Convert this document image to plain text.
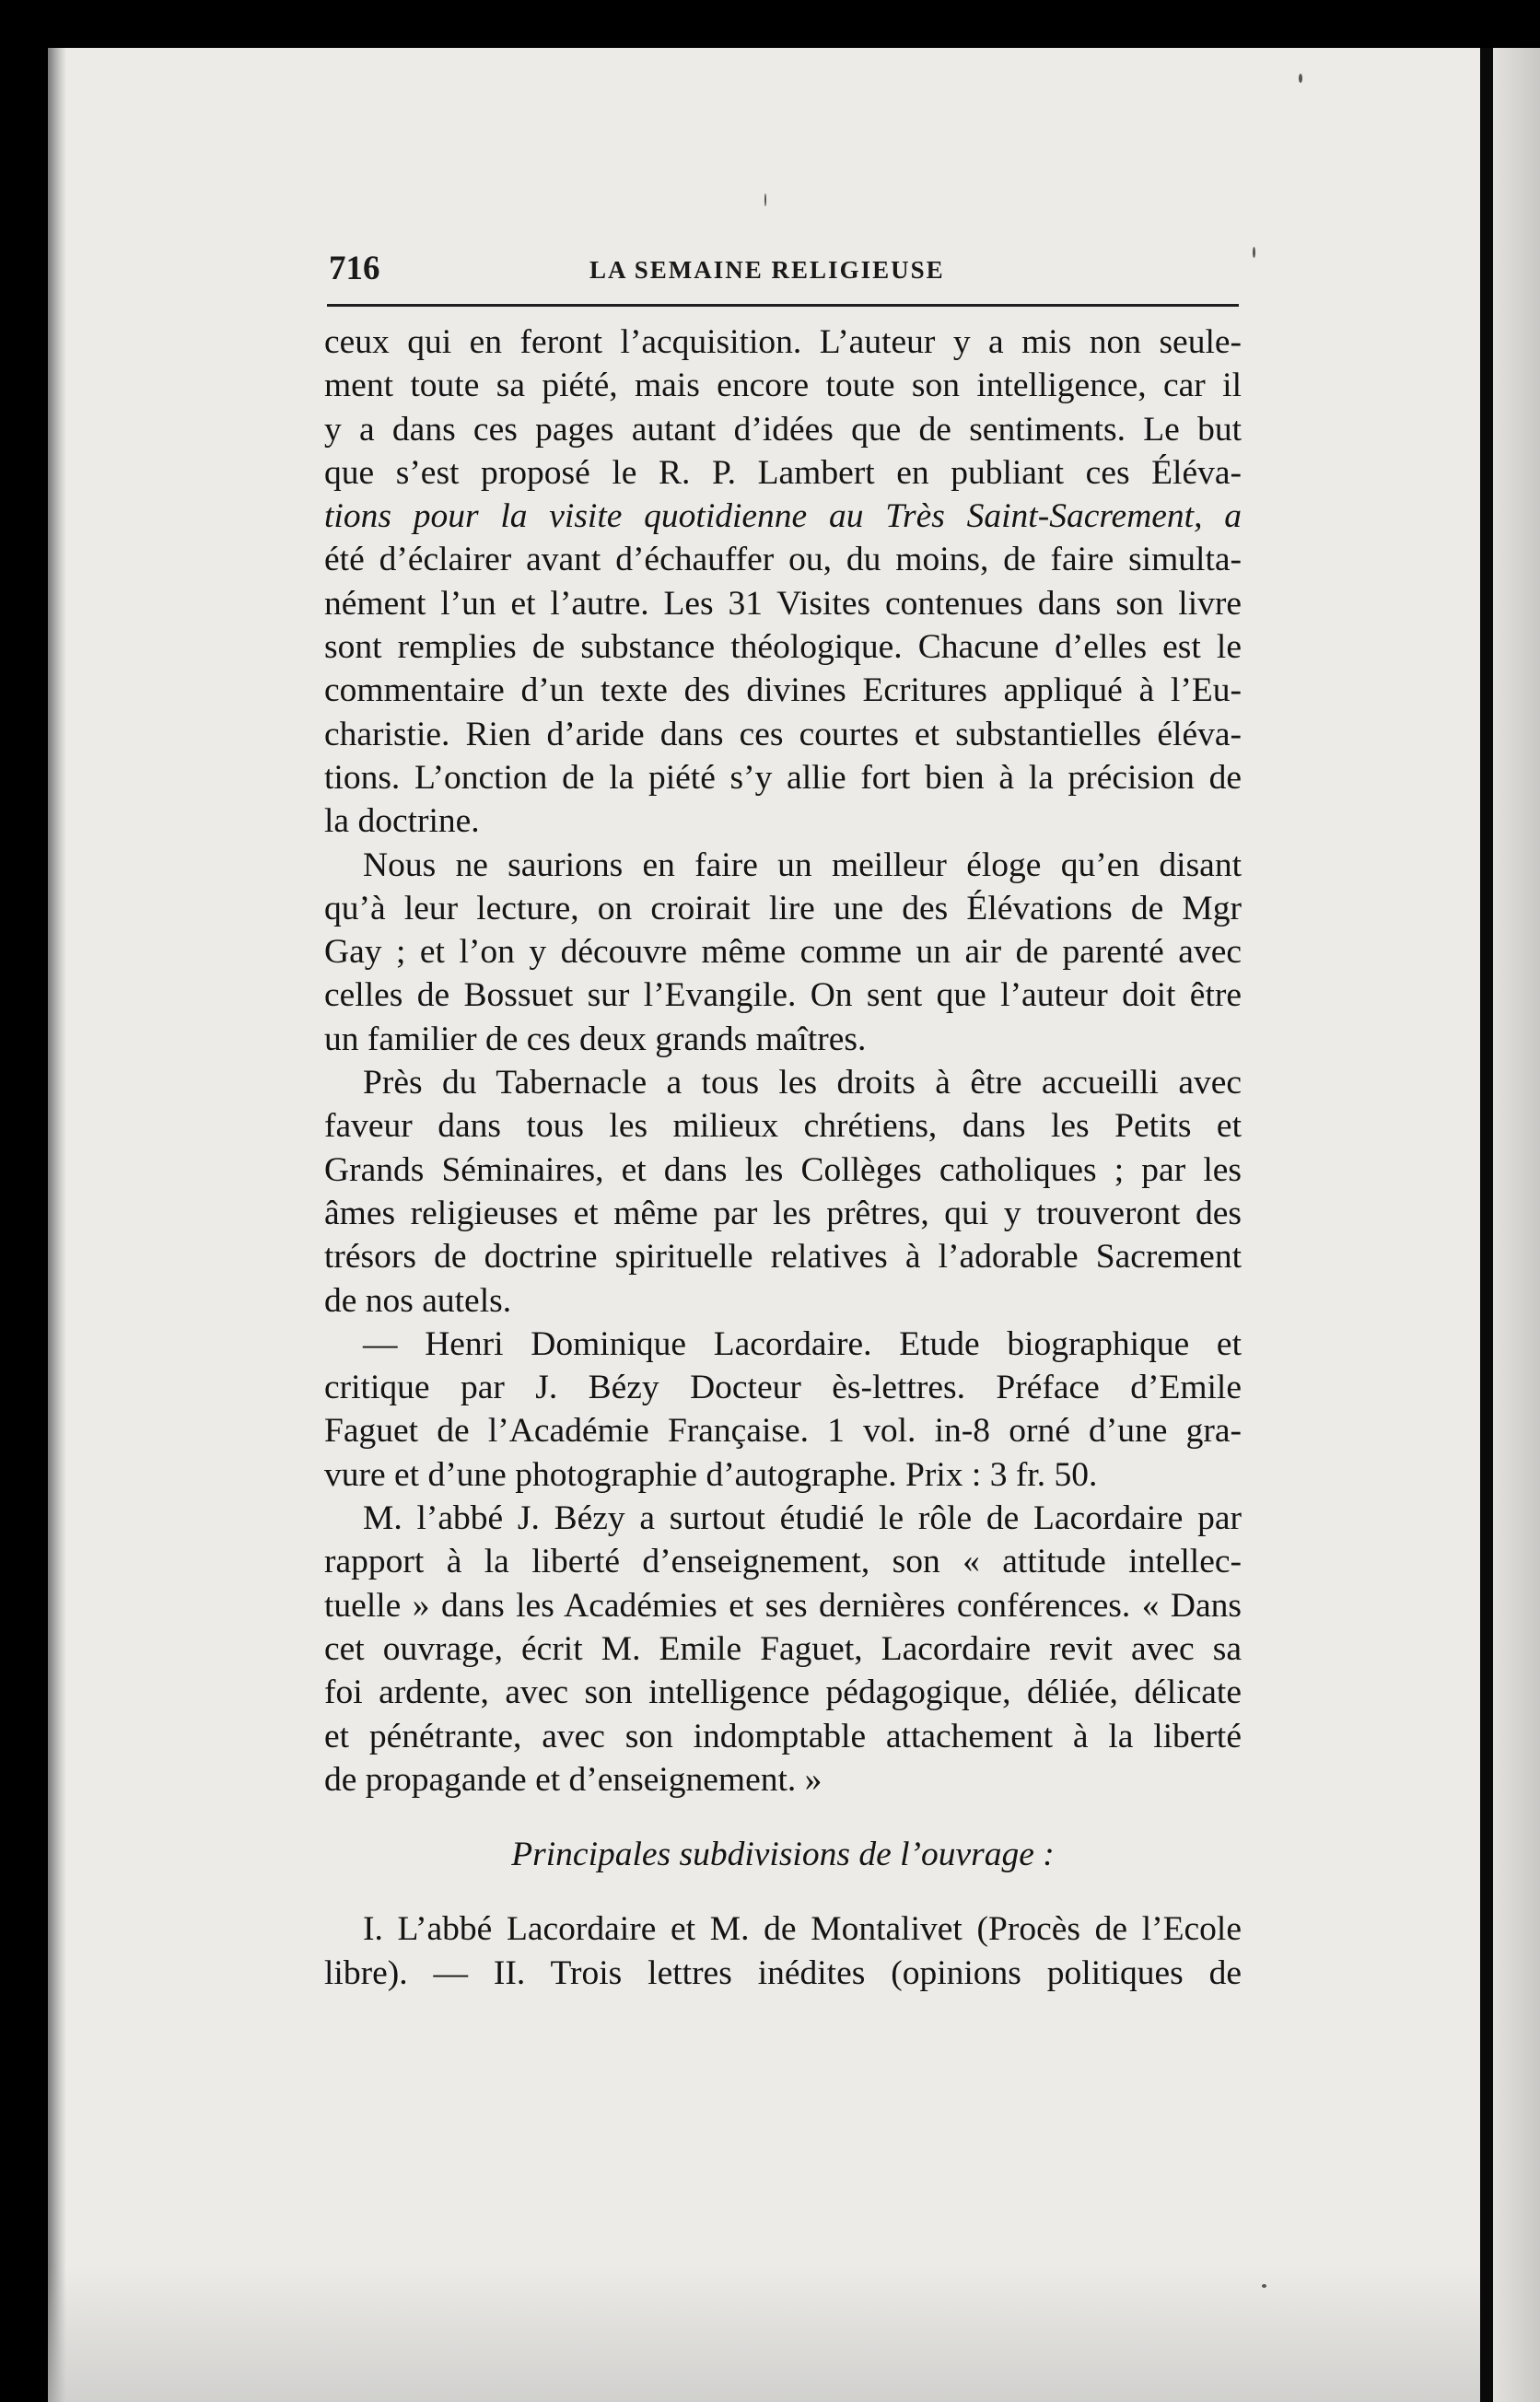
716	LA SEMAINE RELIGIEUSE
ceux qui en feront l’acquisition. L’auteur y a mis non seule-
ment toute sa piété, mais encore toute son intelligence, car il
y a dans ces pages autant d’idées que de sentiments. Le but
que s’est proposé le R. P. Lambert en publiant ces Éléva-
tions pour la visite quotidienne au Très Saint-Sacrement, a
été d’éclairer avant d’échauffer ou, du moins, de faire simulta-
nément l’un et l’autre. Les 31 Visites contenues dans son livre
sont remplies de substance théologique. Chacune d’elles est le
commentaire d’un texte des divines Ecritures appliqué à l’Eu-
charistie. Rien d’aride dans ces courtes et substantielles éléva-
tions. L’onction de la piété s’y allie fort bien à la précision de
la doctrine.
Nous ne saurions en faire un meilleur éloge qu’en disant
qu’à leur lecture, on croirait lire une des Élévations de Mgr
Gay ; et l’on y découvre même comme un air de parenté avec
celles de Bossuet sur l’Evangile. On sent que l’auteur doit être
un familier de ces deux grands maîtres.
Près du Tabernacle a tous les droits à être accueilli avec
faveur dans tous les milieux chrétiens, dans les Petits et
Grands Séminaires, et dans les Collèges catholiques ; par les
âmes religieuses et même par les prêtres, qui y trouveront des
trésors de doctrine spirituelle relatives à l’adorable Sacrement
de nos autels.
— Henri Dominique Lacordaire. Etude biographique et
critique par J. Bézy Docteur ès-lettres. Préface d’Emile
Faguet de l’Académie Française. 1 vol. in-8 orné d’une gra-
vure et d’une photographie d’autographe. Prix : 3 fr. 50.
M. l’abbé J. Bézy a surtout étudié le rôle de Lacordaire par
rapport à la liberté d’enseignement, son « attitude intellec-
tuelle » dans les Académies et ses dernières conférences. « Dans
cet ouvrage, écrit M. Emile Faguet, Lacordaire revit avec sa
foi ardente, avec son intelligence pédagogique, déliée, délicate
et pénétrante, avec son indomptable attachement à la liberté
de propagande et d’enseignement. »
Principales subdivisions de l’ouvrage :
I. L’abbé Lacordaire et M. de Montalivet (Procès de l’Ecole
libre). — II. Trois lettres inédites (opinions politiques de
